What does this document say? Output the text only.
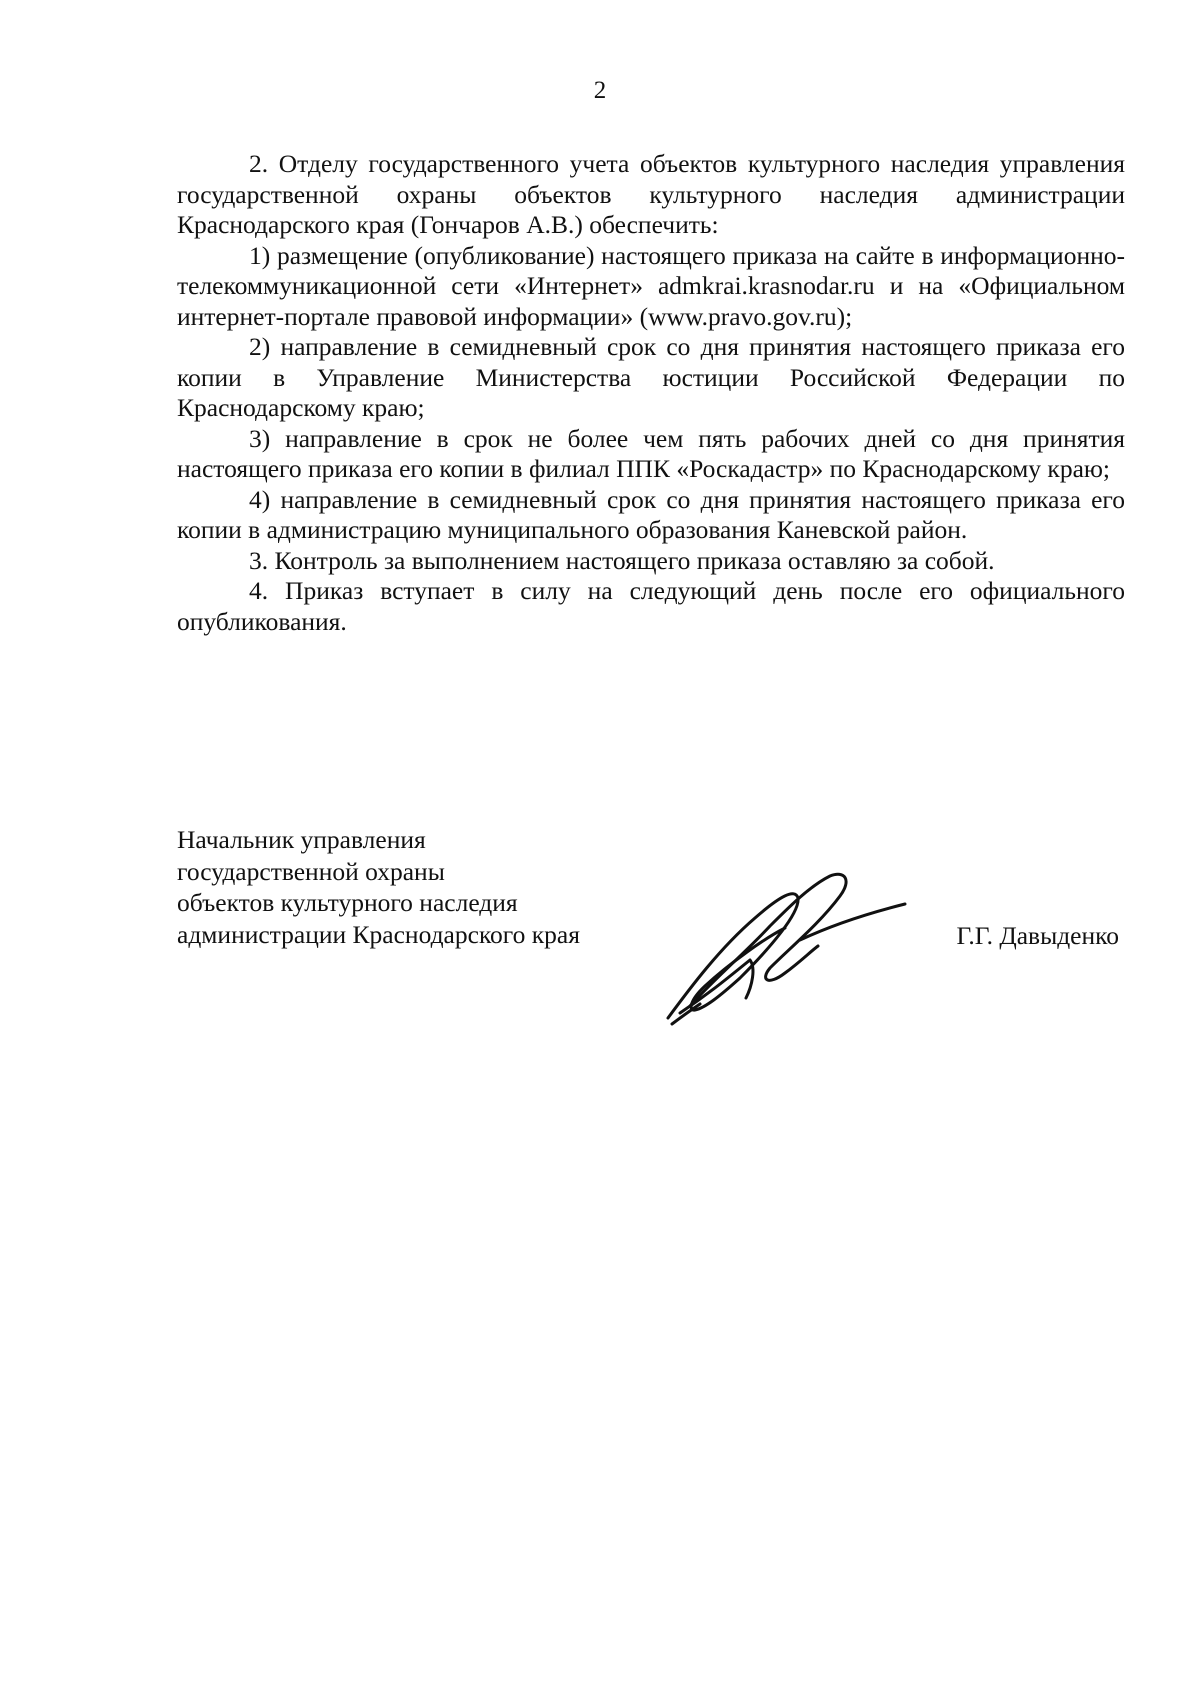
2

2. Отделу государственного учета объектов культурного наследия управления государственной охраны объектов культурного наследия администрации Краснодарского края (Гончаров А.В.) обеспечить:

1) размещение (опубликование) настоящего приказа на сайте в информационно-телекоммуникационной сети «Интернет» admkrai.krasnodar.ru и на «Официальном интернет-портале правовой информации» (www.pravo.gov.ru);

2) направление в семидневный срок со дня принятия настоящего приказа его копии в Управление Министерства юстиции Российской Федерации по Краснодарскому краю;

3) направление в срок не более чем пять рабочих дней со дня принятия настоящего приказа его копии в филиал ППК «Роскадастр» по Краснодарскому краю;

4) направление в семидневный срок со дня принятия настоящего приказа его копии в администрацию муниципального образования Каневской район.

3. Контроль за выполнением настоящего приказа оставляю за собой.

4. Приказ вступает в силу на следующий день после его официального опубликования.

Начальник управления
государственной охраны
объектов культурного наследия
администрации Краснодарского края	Г.Г. Давыденко
